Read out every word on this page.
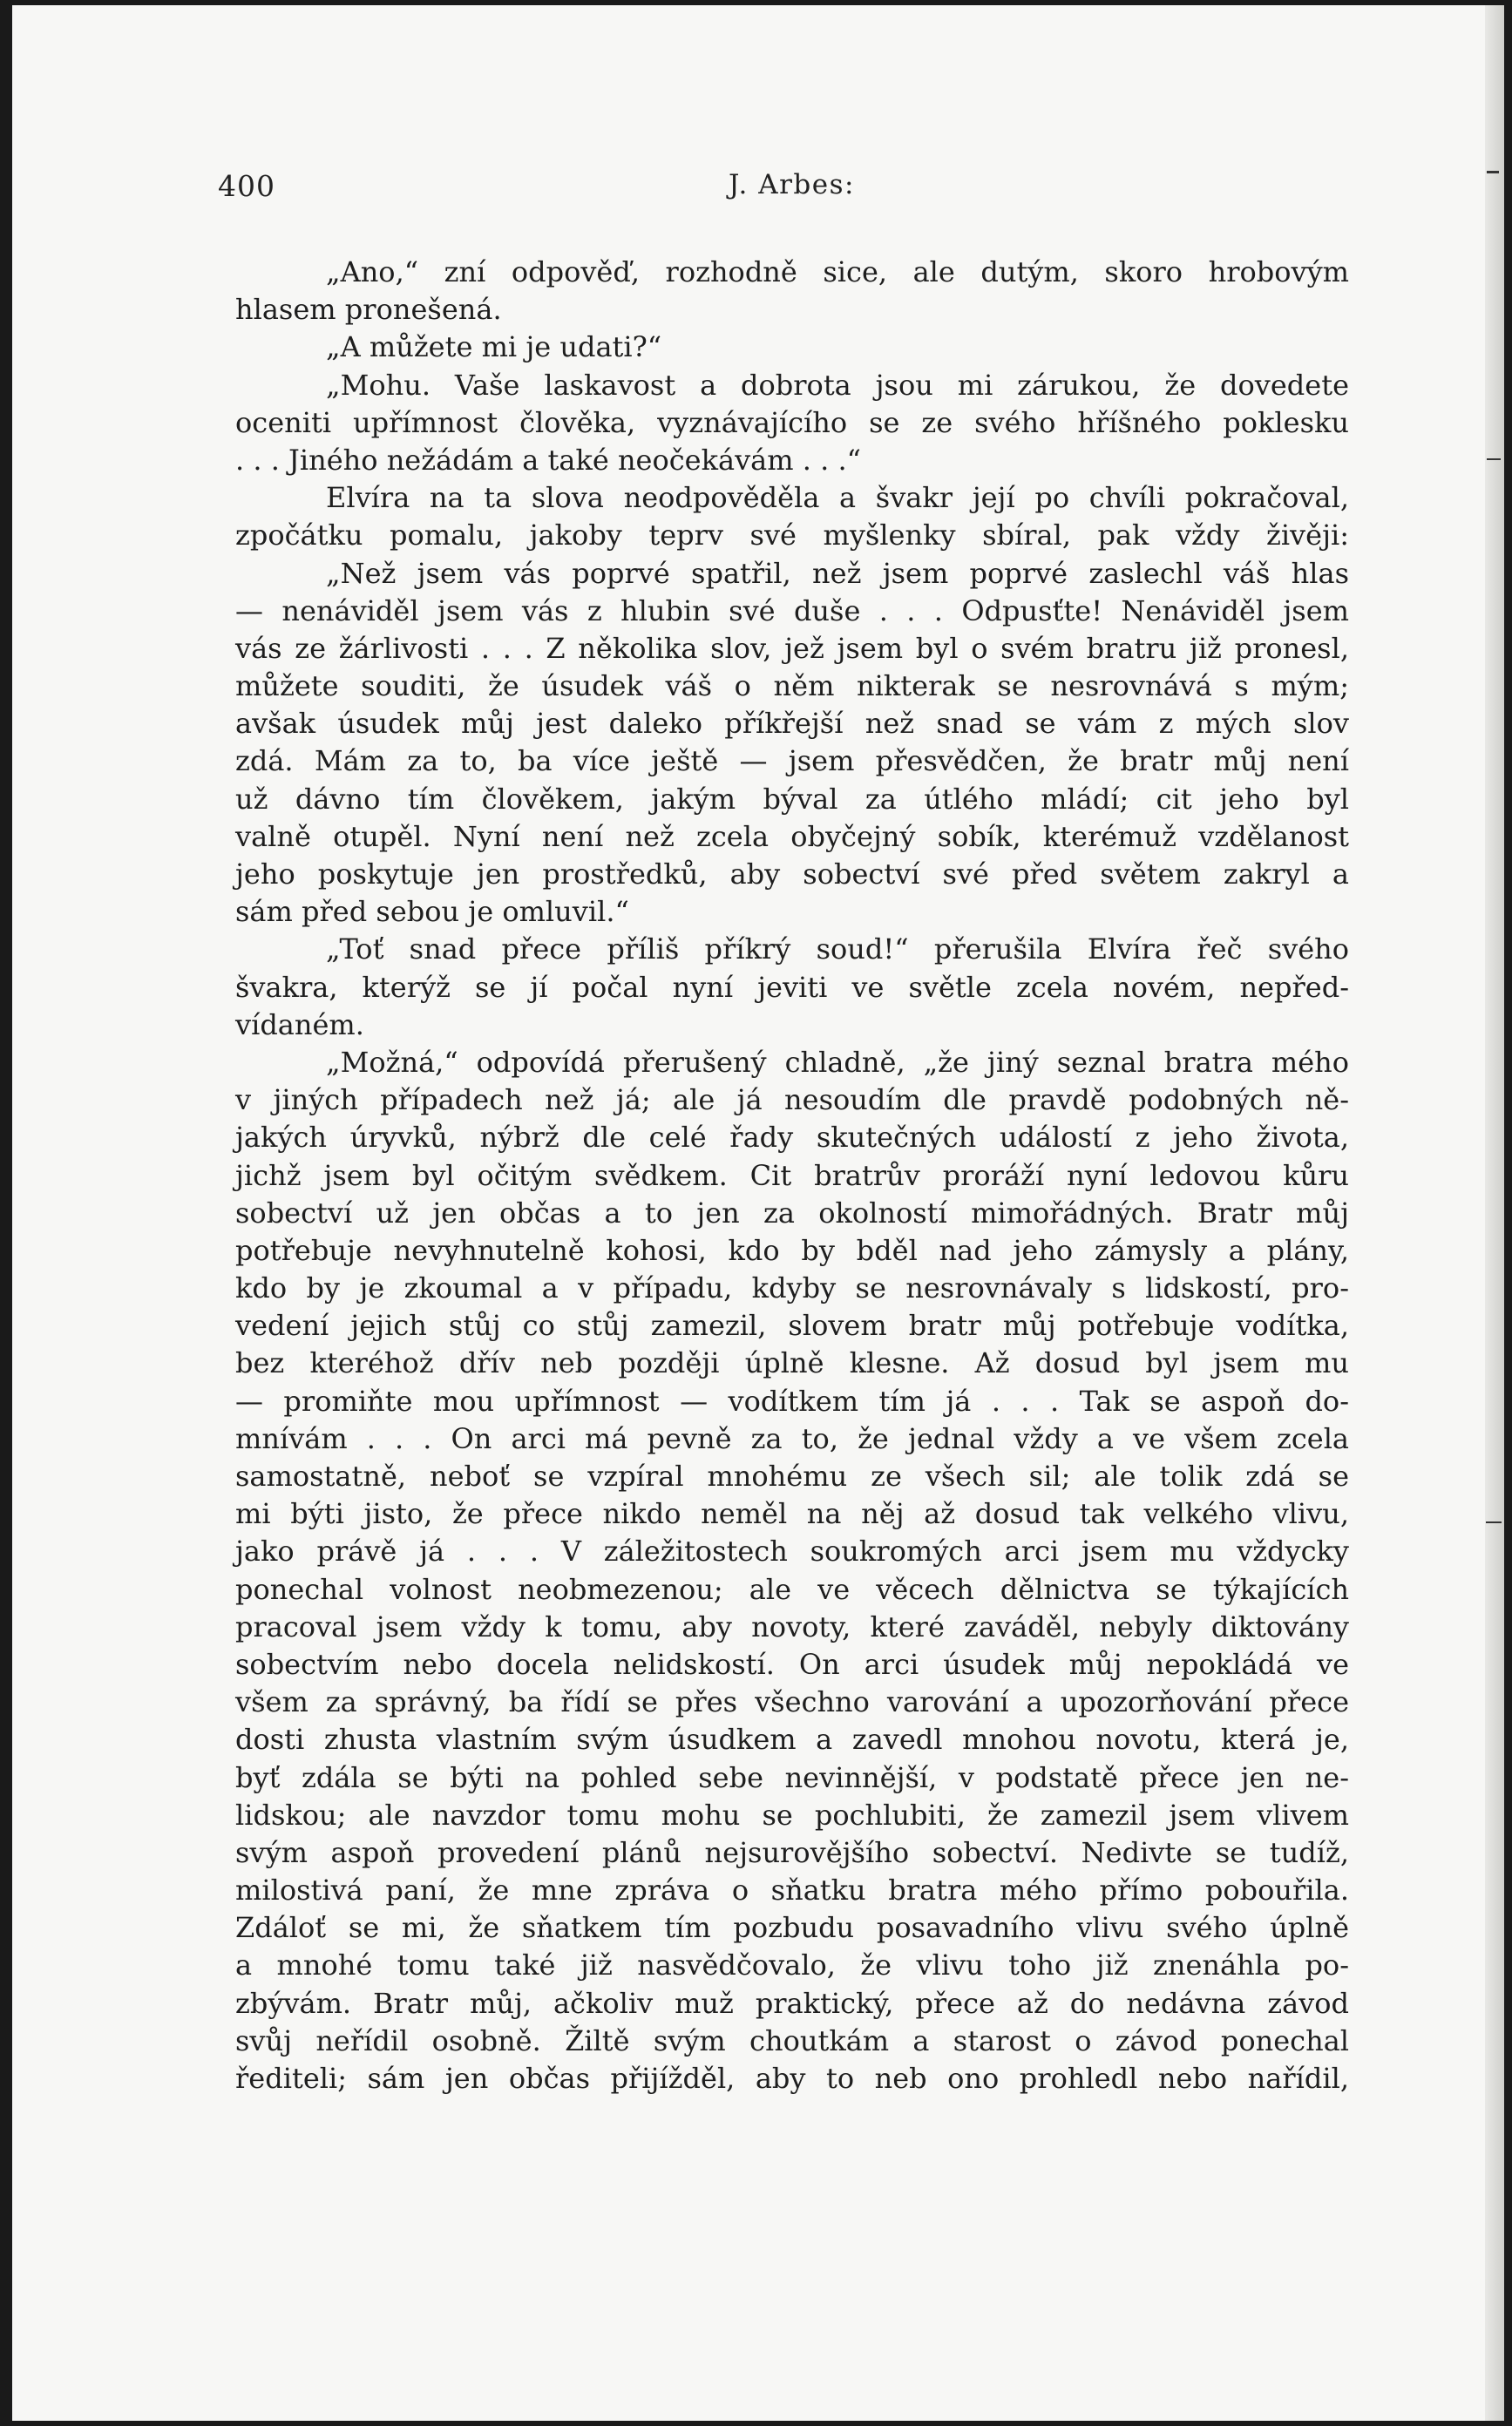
400	J. Arbes:
„Ano,“ zní odpověď, rozhodně sice, ale dutým, skoro hrobovým
hlasem pronešená.
„A můžete mi je udati?“
„Mohu. Vaše laskavost a dobrota jsou mi zárukou, že dovedete
oceniti upřímnost člověka, vyznávajícího se ze svého hříšného poklesku
. . . Jiného nežádám a také neočekávám . . .“
Elvíra na ta slova neodpověděla a švakr její po chvíli pokračoval,
zpočátku pomalu, jakoby teprv své myšlenky sbíral, pak vždy živěji:
„Než jsem vás poprvé spatřil, než jsem poprvé zaslechl váš hlas
— nenáviděl jsem vás z hlubin své duše . . . Odpusťte! Nenáviděl jsem
vás ze žárlivosti . . . Z několika slov, jež jsem byl o svém bratru již pronesl,
můžete souditi, že úsudek váš o něm nikterak se nesrovnává s mým;
avšak úsudek můj jest daleko příkřejší než snad se vám z mých slov
zdá. Mám za to, ba více ještě — jsem přesvědčen, že bratr můj není
už dávno tím člověkem, jakým býval za útlého mládí; cit jeho byl
valně otupěl. Nyní není než zcela obyčejný sobík, kterémuž vzdělanost
jeho poskytuje jen prostředků, aby sobectví své před světem zakryl a
sám před sebou je omluvil.“
„Toť snad přece příliš příkrý soud!“ přerušila Elvíra řeč svého
švakra, kterýž se jí počal nyní jeviti ve světle zcela novém, nepřed-
vídaném.
„Možná,“ odpovídá přerušený chladně, „že jiný seznal bratra mého
v jiných případech než já; ale já nesoudím dle pravdě podobných ně-
jakých úryvků, nýbrž dle celé řady skutečných událostí z jeho života,
jichž jsem byl očitým svědkem. Cit bratrův proráží nyní ledovou kůru
sobectví už jen občas a to jen za okolností mimořádných. Bratr můj
potřebuje nevyhnutelně kohosi, kdo by bděl nad jeho zámysly a plány,
kdo by je zkoumal a v případu, kdyby se nesrovnávaly s lidskostí, pro-
vedení jejich stůj co stůj zamezil, slovem bratr můj potřebuje vodítka,
bez kteréhož dřív neb později úplně klesne. Až dosud byl jsem mu
— promiňte mou upřímnost — vodítkem tím já . . . Tak se aspoň do-
mnívám . . . On arci má pevně za to, že jednal vždy a ve všem zcela
samostatně, neboť se vzpíral mnohému ze všech sil; ale tolik zdá se
mi býti jisto, že přece nikdo neměl na něj až dosud tak velkého vlivu,
jako právě já . . . V záležitostech soukromých arci jsem mu vždycky
ponechal volnost neobmezenou; ale ve věcech dělnictva se týkajících
pracoval jsem vždy k tomu, aby novoty, které zaváděl, nebyly diktovány
sobectvím nebo docela nelidskostí. On arci úsudek můj nepokládá ve
všem za správný, ba řídí se přes všechno varování a upozorňování přece
dosti zhusta vlastním svým úsudkem a zavedl mnohou novotu, která je,
byť zdála se býti na pohled sebe nevinnější, v podstatě přece jen ne-
lidskou; ale navzdor tomu mohu se pochlubiti, že zamezil jsem vlivem
svým aspoň provedení plánů nejsurovějšího sobectví. Nedivte se tudíž,
milostivá paní, že mne zpráva o sňatku bratra mého přímo pobouřila.
Zdáloť se mi, že sňatkem tím pozbudu posavadního vlivu svého úplně
a mnohé tomu také již nasvědčovalo, že vlivu toho již znenáhla po-
zbývám. Bratr můj, ačkoliv muž praktický, přece až do nedávna závod
svůj neřídil osobně. Žiltě svým choutkám a starost o závod ponechal
řediteli; sám jen občas přijížděl, aby to neb ono prohledl nebo nařídil,
